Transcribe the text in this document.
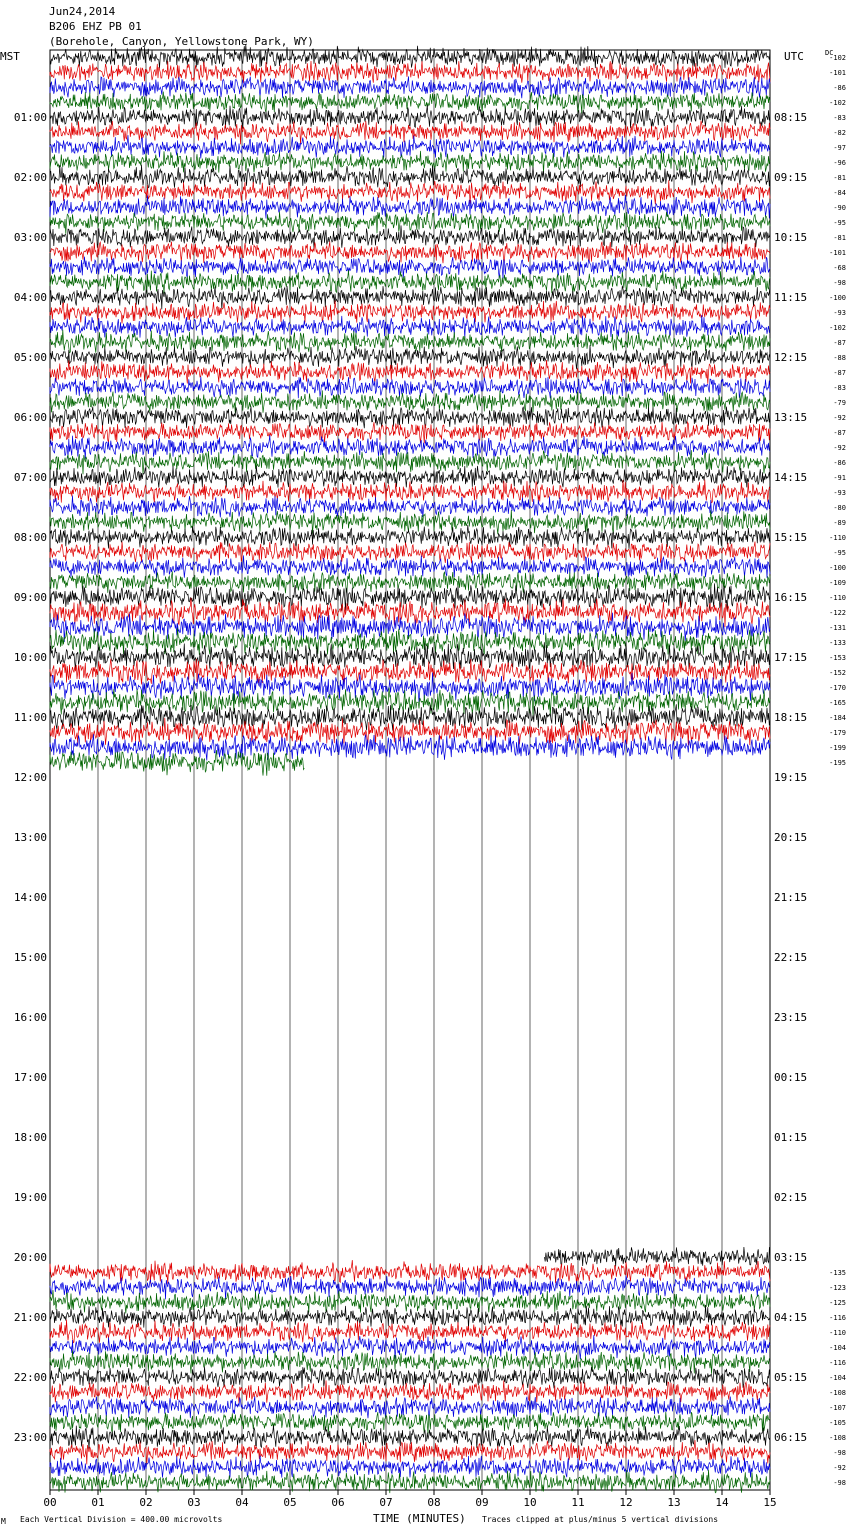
Jun24,2014
B206 EHZ PB 01
(Borehole, Canyon, Yellowstone Park, WY)
MST	UTC	DC
01:00
02:00
03:00
04:00
05:00
06:00
07:00
08:00
09:00
10:00
11:00
12:00
13:00
14:00
15:00
16:00
17:00
18:00
19:00
20:00
21:00
22:00
23:00
08:15
09:15
10:15
11:15
12:15
13:15
14:15
15:15
16:15
17:15
18:15
19:15
20:15
21:15
22:15
23:15
00:15
01:15
02:15
03:15
04:15
05:15
06:15
-102
-101
-86
-102
-83
-82
-97
-96
-81
-84
-90
-95
-81
-101
-68
-98
-100
-93
-102
-87
-88
-87
-83
-79
-92
-87
-92
-86
-91
-93
-80
-89
-110
-95
-100
-109
-110
-122
-131
-133
-153
-152
-170
-165
-184
-179
-199
-195
-135
-123
-125
-116
-110
-104
-116
-104
-108
-107
-105
-108
-98
-92
-98
00	01	02	03	04	05	06	07	08	09	10	11	12	13	14	15
M Each Vertical Division = 400.00 microvolts	TIME (MINUTES) Traces clipped at plus/minus 5 vertical divisions
